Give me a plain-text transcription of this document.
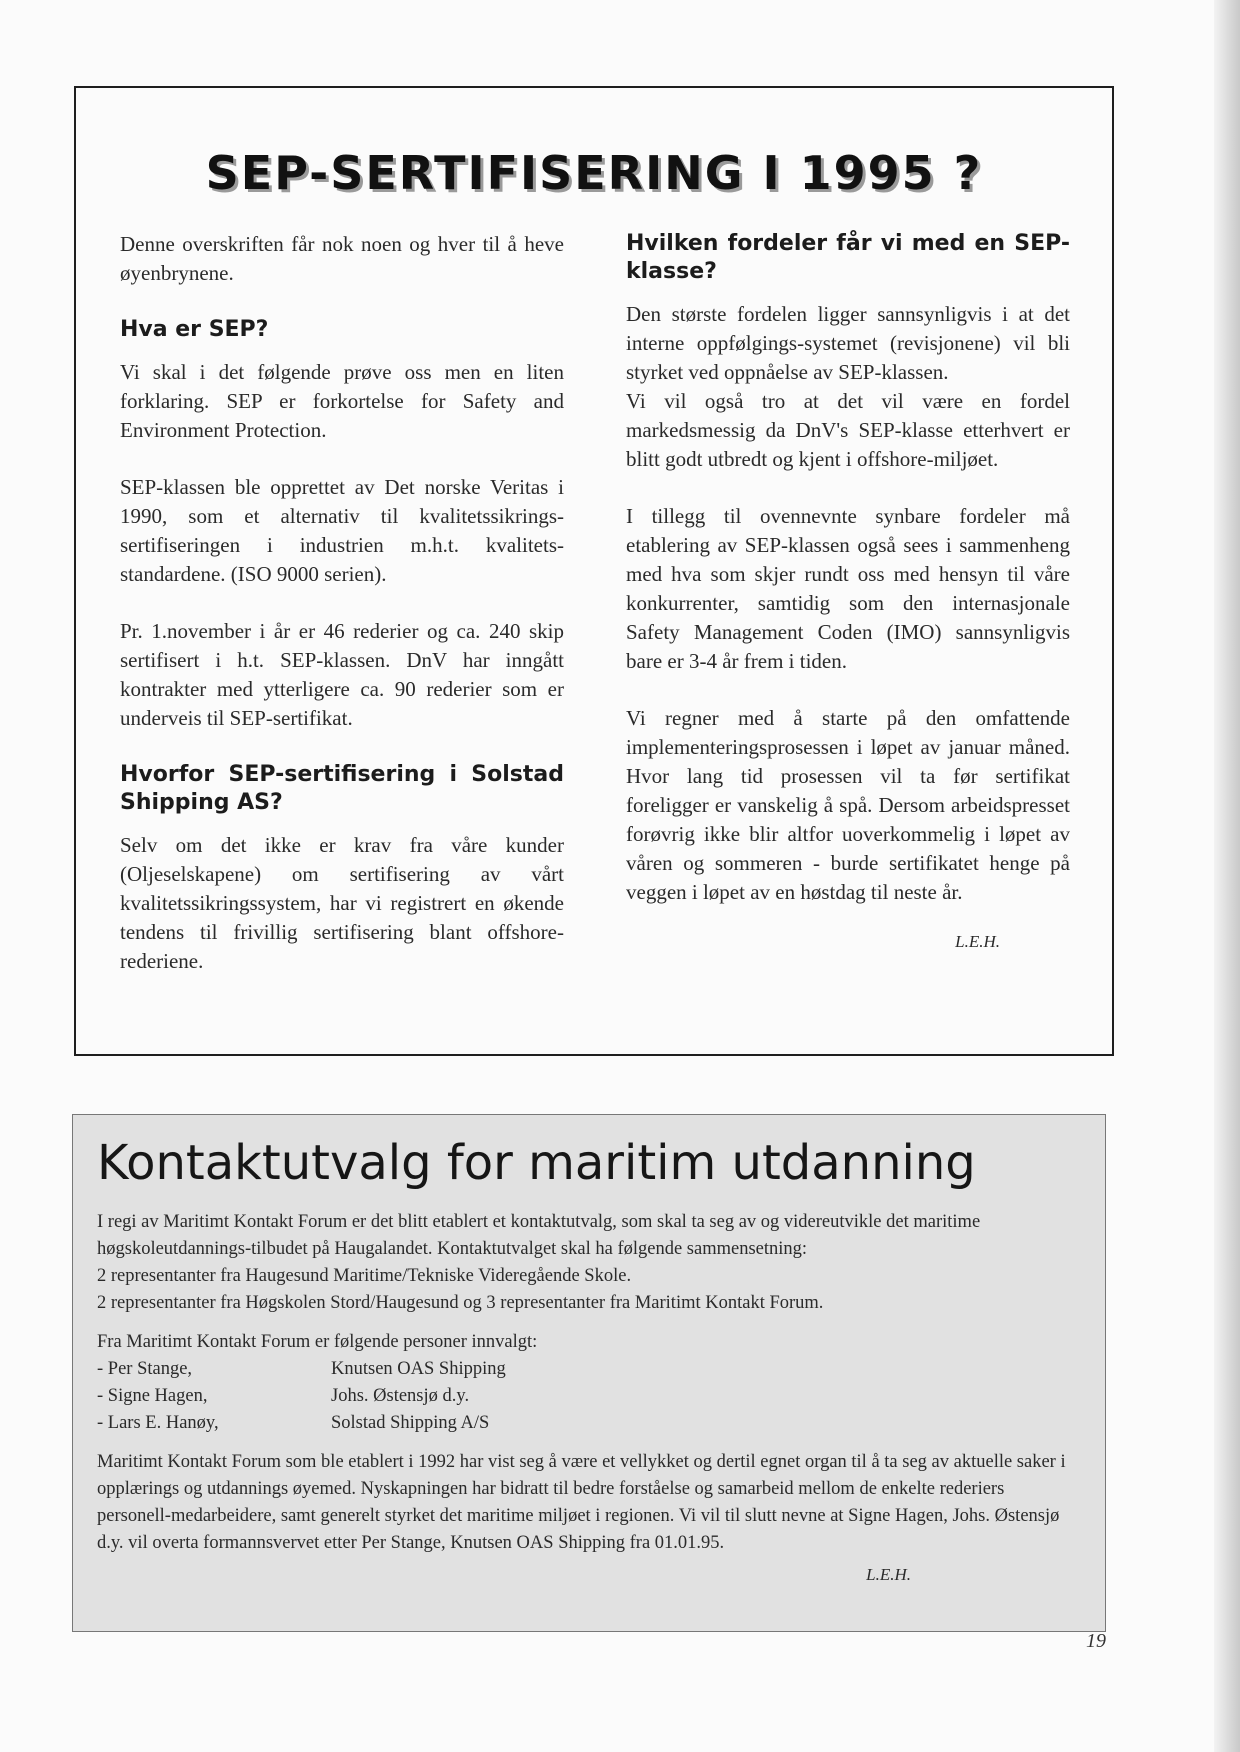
SEP-SERTIFISERING I 1995 ?

Denne overskriften får nok noen og hver til å heve øyenbrynene.

Hva er SEP?

Vi skal i det følgende prøve oss men en liten forklaring. SEP er forkortelse for Safety and Environment Protection.

SEP-klassen ble opprettet av Det norske Veritas i 1990, som et alternativ til kvalitetssikrings-sertifiseringen i industrien m.h.t. kvalitets-standardene. (ISO 9000 serien).

Pr. 1.november i år er 46 rederier og ca. 240 skip sertifisert i h.t. SEP-klassen. DnV har inngått kontrakter med ytterligere ca. 90 rederier som er underveis til SEP-sertifikat.

Hvorfor SEP-sertifisering i Solstad Shipping AS?

Selv om det ikke er krav fra våre kunder (Oljeselskapene) om sertifisering av vårt kvalitetssikringssystem, har vi registrert en økende tendens til frivillig sertifisering blant offshore-rederiene.

Hvilken fordeler får vi med en SEP-klasse?

Den største fordelen ligger sannsynligvis i at det interne oppfølgings-systemet (revisjonene) vil bli styrket ved oppnåelse av SEP-klassen.

Vi vil også tro at det vil være en fordel markedsmessig da DnV's SEP-klasse etterhvert er blitt godt utbredt og kjent i offshore-miljøet.

I tillegg til ovennevnte synbare fordeler må etablering av SEP-klassen også sees i sammenheng med hva som skjer rundt oss med hensyn til våre konkurrenter, samtidig som den internasjonale Safety Management Coden (IMO) sannsynligvis bare er 3-4 år frem i tiden.

Vi regner med å starte på den omfattende implementeringsprosessen i løpet av januar måned. Hvor lang tid prosessen vil ta før sertifikat foreligger er vanskelig å spå. Dersom arbeidspresset forøvrig ikke blir altfor uoverkommelig i løpet av våren og sommeren - burde sertifikatet henge på veggen i løpet av en høstdag til neste år.

L.E.H.
Kontaktutvalg for maritim utdanning
I regi av Maritimt Kontakt Forum er det blitt etablert et kontaktutvalg, som skal ta seg av og videreutvikle det maritime høgskoleutdannings-tilbudet på Haugalandet. Kontaktutvalget skal ha følgende sammensetning:
2 representanter fra Haugesund Maritime/Tekniske Videregående Skole.
2 representanter fra Høgskolen Stord/Haugesund og 3 representanter fra Maritimt Kontakt Forum.
Fra Maritimt Kontakt Forum er følgende personer innvalgt:
- Per Stange,	Knutsen OAS Shipping
- Signe Hagen,	Johs. Østensjø d.y.
- Lars E. Hanøy,	Solstad Shipping A/S
Maritimt Kontakt Forum som ble etablert i 1992 har vist seg å være et vellykket og dertil egnet organ til å ta seg av aktuelle saker i opplærings og utdannings øyemed. Nyskapningen har bidratt til bedre forståelse og samarbeid mellom de enkelte rederiers personell-medarbeidere, samt generelt styrket det maritime miljøet i regionen. Vi vil til slutt nevne at Signe Hagen, Johs. Østensjø d.y. vil overta formannsvervet etter Per Stange, Knutsen OAS Shipping fra 01.01.95.
L.E.H.
19
